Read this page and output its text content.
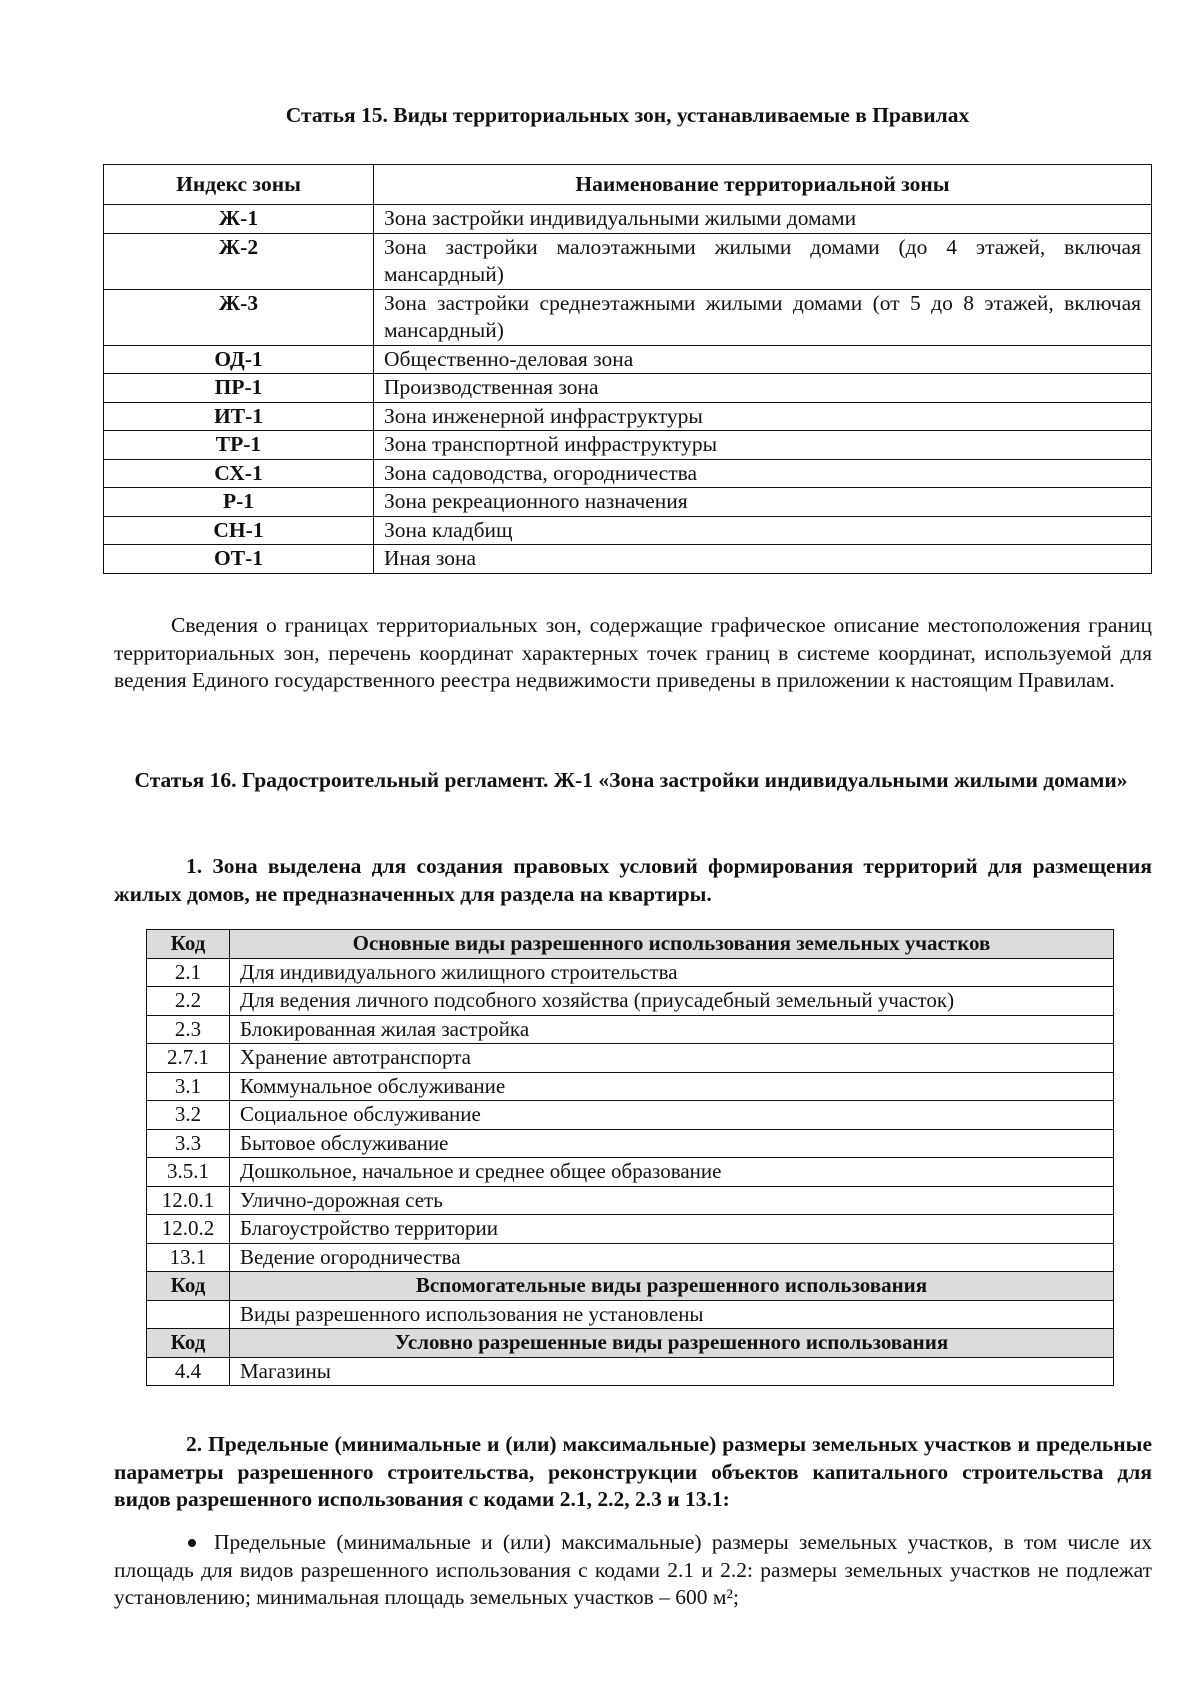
Статья 15. Виды территориальных зон, устанавливаемые в Правилах
Индекс зоны	Наименование территориальной зоны
Ж-1	Зона застройки индивидуальными жилыми домами
Ж-2	Зона застройки малоэтажными жилыми домами (до 4 этажей, включая мансардный)
Ж-3	Зона застройки среднеэтажными жилыми домами (от 5 до 8 этажей, включая мансардный)
ОД-1	Общественно-деловая зона
ПР-1	Производственная зона
ИТ-1	Зона инженерной инфраструктуры
ТР-1	Зона транспортной инфраструктуры
СХ-1	Зона садоводства, огородничества
Р-1	Зона рекреационного назначения
СН-1	Зона кладбищ
ОТ-1	Иная зона
Сведения о границах территориальных зон, содержащие графическое описание местоположения границ территориальных зон, перечень координат характерных точек границ в системе координат, используемой для ведения Единого государственного реестра недвижимости приведены в приложении к настоящим Правилам.
Статья 16. Градостроительный регламент. Ж-1 «Зона застройки индивидуальными жилыми домами»
1. Зона выделена для создания правовых условий формирования территорий для размещения жилых домов, не предназначенных для раздела на квартиры.
Код	Основные виды разрешенного использования земельных участков
2.1	Для индивидуального жилищного строительства
2.2	Для ведения личного подсобного хозяйства (приусадебный земельный участок)
2.3	Блокированная жилая застройка
2.7.1	Хранение автотранспорта
3.1	Коммунальное обслуживание
3.2	Социальное обслуживание
3.3	Бытовое обслуживание
3.5.1	Дошкольное, начальное и среднее общее образование
12.0.1	Улично-дорожная сеть
12.0.2	Благоустройство территории
13.1	Ведение огородничества
Код	Вспомогательные виды разрешенного использования
	Виды разрешенного использования не установлены
Код	Условно разрешенные виды разрешенного использования
4.4	Магазины
2. Предельные (минимальные и (или) максимальные) размеры земельных участков и предельные параметры разрешенного строительства, реконструкции объектов капитального строительства для видов разрешенного использования с кодами 2.1, 2.2, 2.3 и 13.1:
Предельные (минимальные и (или) максимальные) размеры земельных участков, в том числе их площадь для видов разрешенного использования с кодами 2.1 и 2.2: размеры земельных участков не подлежат установлению; минимальная площадь земельных участков – 600 м²;
